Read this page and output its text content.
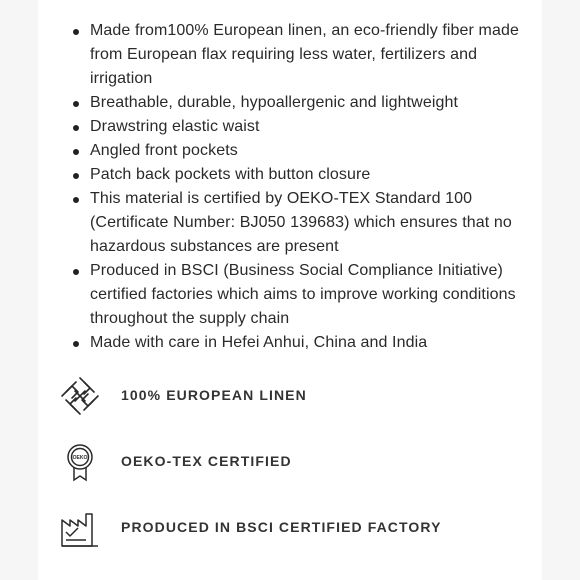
Made from100% European linen, an eco-friendly fiber made from European flax requiring less water, fertilizers and irrigation
Breathable, durable, hypoallergenic and lightweight
Drawstring elastic waist
Angled front pockets
Patch back pockets with button closure
This material is certified by OEKO-TEX Standard 100 (Certificate Number: BJ050 139683) which ensures that no hazardous substances are present
Produced in BSCI (Business Social Compliance Initiative) certified factories which aims to improve working conditions throughout the supply chain
Made with care in Hefei Anhui, China and India
100% EUROPEAN LINEN
OEKO OEKO-TEX CERTIFIED
PRODUCED IN BSCI CERTIFIED FACTORY
